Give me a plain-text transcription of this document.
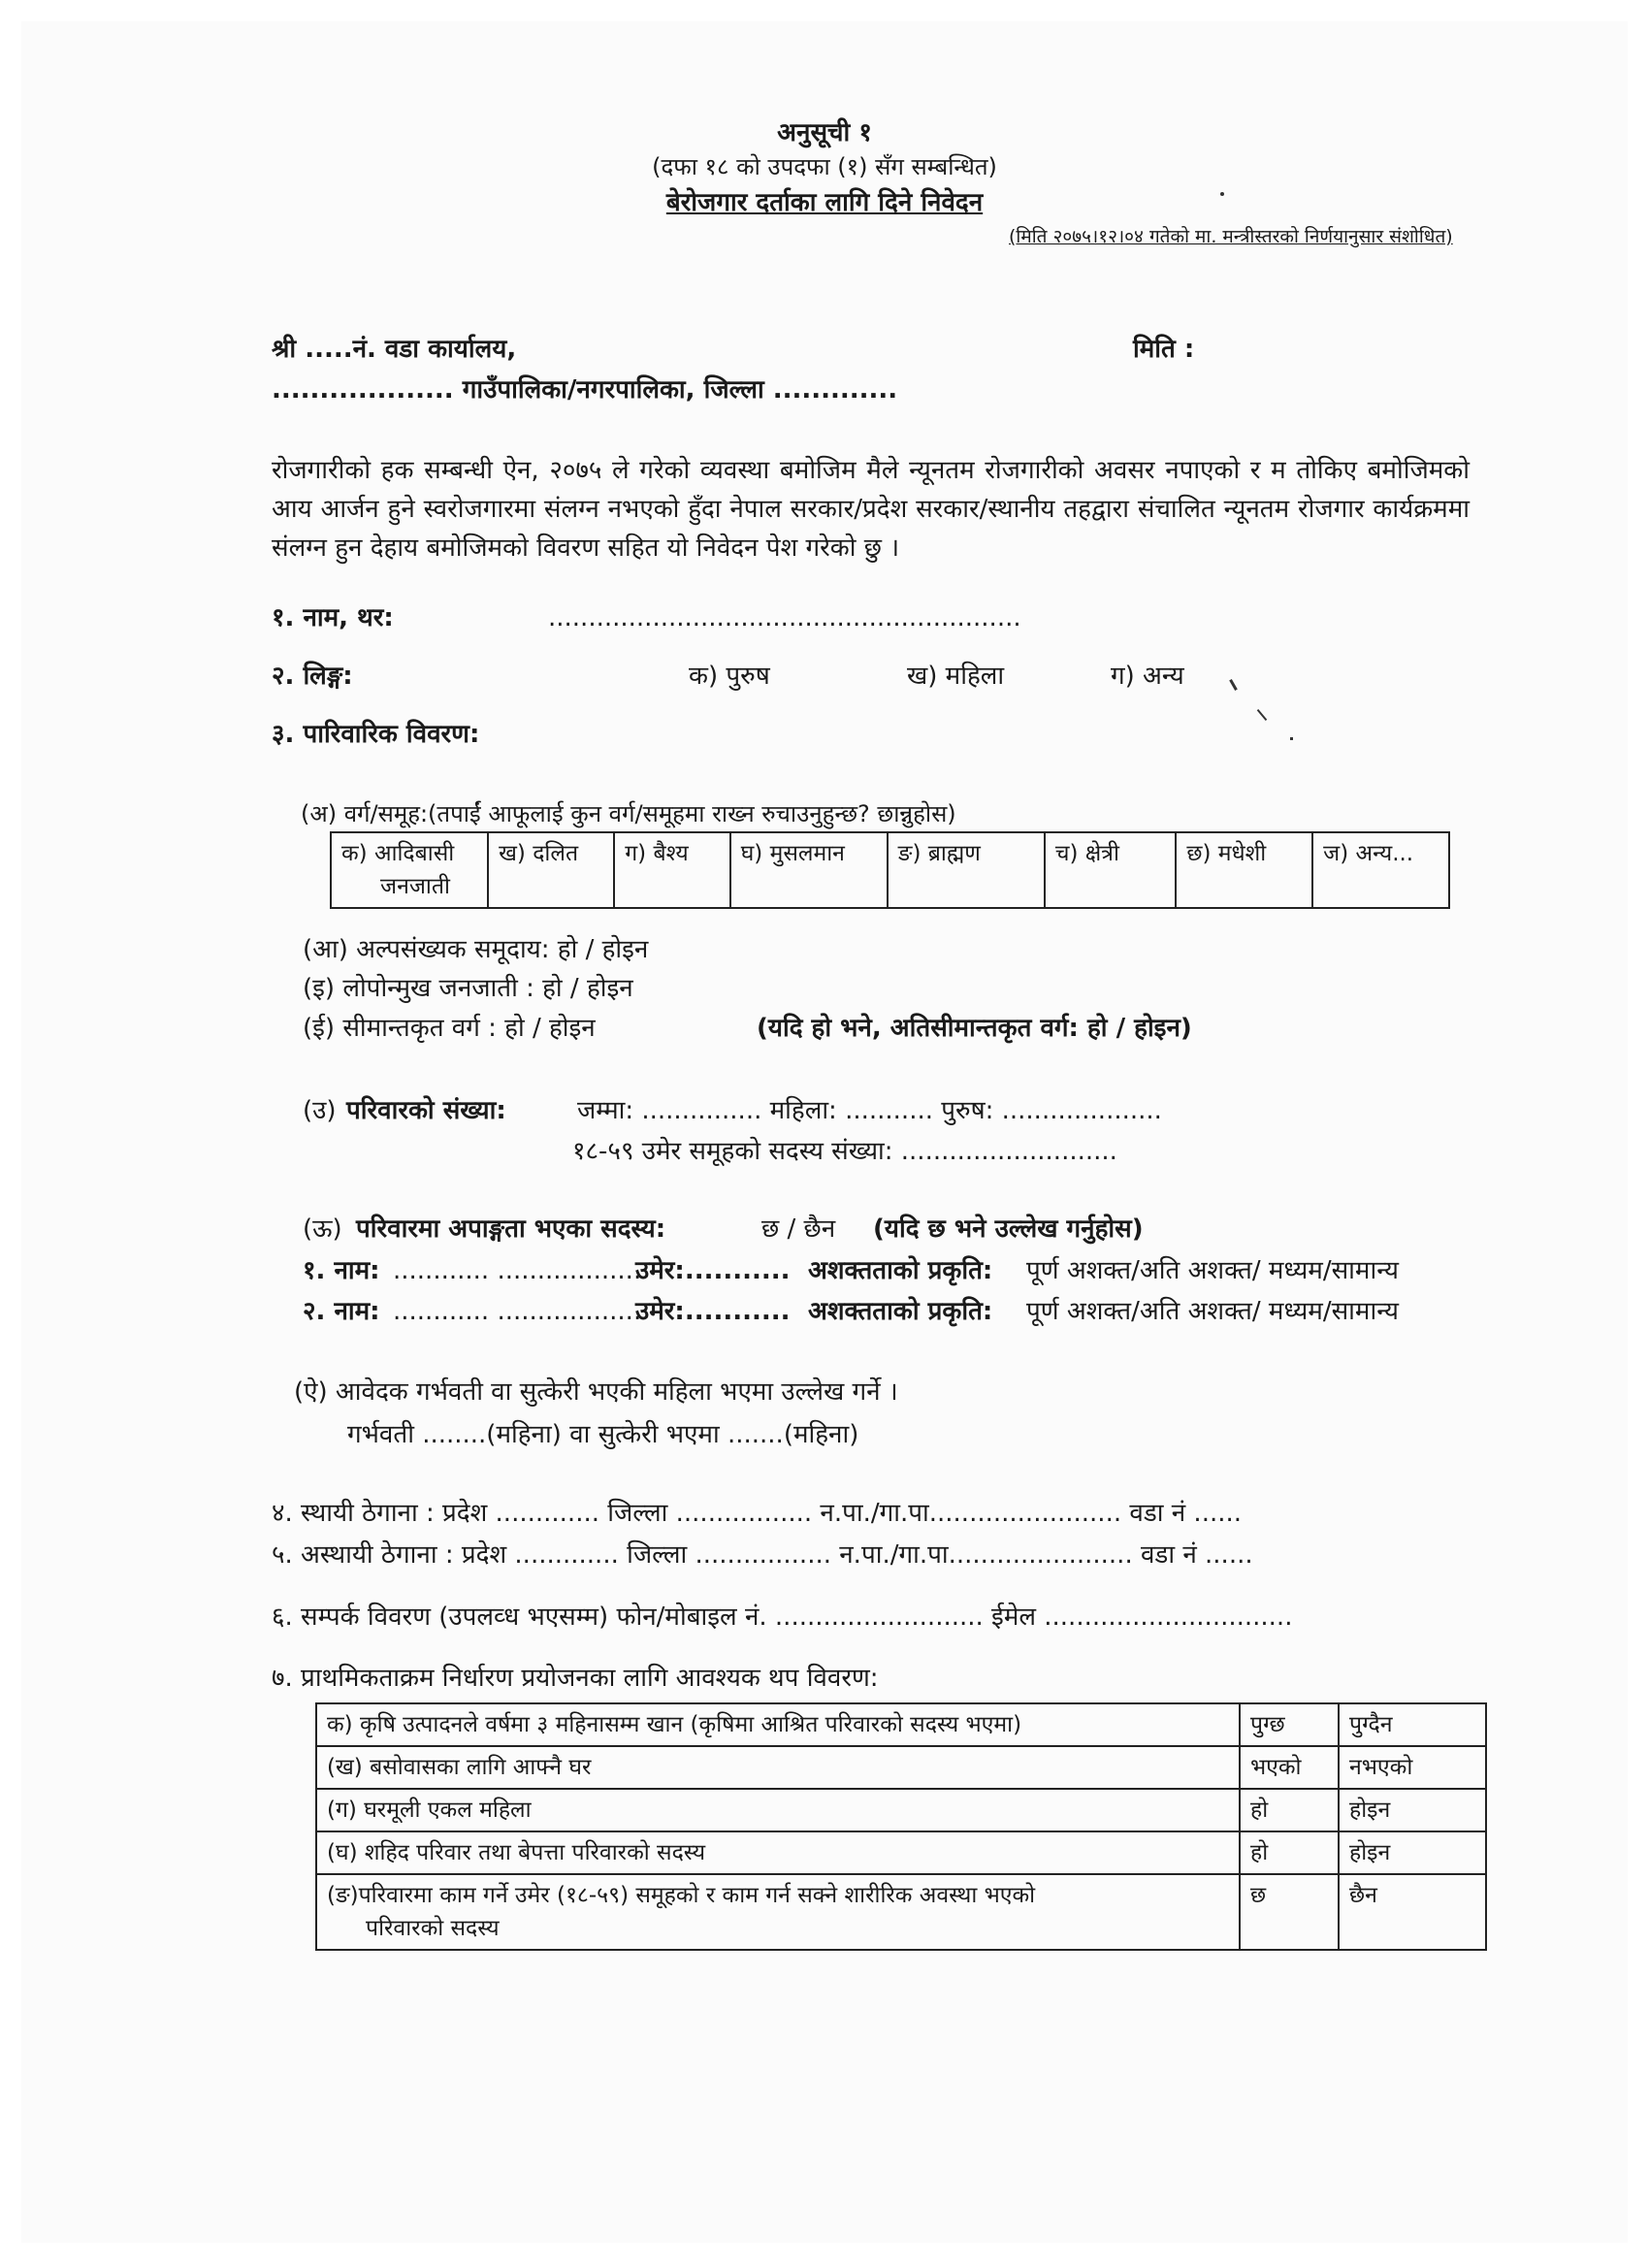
अनुसूची १
(दफा १८ को उपदफा (१) सँग सम्बन्धित)
बेरोजगार दर्ताका लागि दिने निवेदन
(मिति २०७५।१२।०४ गतेको मा. मन्त्रीस्तरको निर्णयानुसार संशोधित)
श्री .....नं. वडा कार्यालय,	मिति :
................... गाउँपालिका/नगरपालिका, जिल्ला .............
रोजगारीको हक सम्बन्धी ऐन, २०७५ ले गरेको व्यवस्था बमोजिम मैले न्यूनतम रोजगारीको अवसर नपाएको र म तोकिए बमोजिमको आय आर्जन हुने स्वरोजगारमा संलग्न नभएको हुँदा नेपाल सरकार/प्रदेश सरकार/स्थानीय तहद्वारा संचालित न्यूनतम रोजगार कार्यक्रममा संलग्न हुन देहाय बमोजिमको विवरण सहित यो निवेदन पेश गरेको छु ।
१. नाम, थर:	...........................................................
२. लिङ्ग:	क) पुरुष	ख) महिला	ग) अन्य
३. पारिवारिक विवरण:
(अ) वर्ग/समूह:(तपाईं आफूलाई कुन वर्ग/समूहमा राख्न रुचाउनुहुन्छ? छान्नुहोस)
क) आदिबासी
जनजाती
	ख) दलित	ग) बैश्य	घ) मुसलमान	ङ) ब्राह्मण	च) क्षेत्री	छ) मधेशी	ज) अन्य...
(आ) अल्पसंख्यक समूदाय: हो / होइन
(इ) लोपोन्मुख जनजाती : हो / होइन
(ई) सीमान्तकृत वर्ग : हो / होइन	(यदि हो भने, अतिसीमान्तकृत वर्ग: हो / होइन)
(उ) परिवारको संख्या:	जम्मा: ............... महिला: ........... पुरुष: ....................
१८-५९ उमेर समूहको सदस्य संख्या: ...........................
(ऊ) परिवारमा अपाङ्गता भएका सदस्य:	छ / छैन (यदि छ भने उल्लेख गर्नुहोस)
१. नाम: ............ ..................
उमेर:........... अशक्तताको प्रकृति: पूर्ण अशक्त/अति अशक्त/ मध्यम/सामान्य
२. नाम: ............ ..................
उमेर:........... अशक्तताको प्रकृति: पूर्ण अशक्त/अति अशक्त/ मध्यम/सामान्य
(ऐ) आवेदक गर्भवती वा सुत्केरी भएकी महिला भएमा उल्लेख गर्ने ।
गर्भवती ........(महिना) वा सुत्केरी भएमा .......(महिना)
४. स्थायी ठेगाना : प्रदेश ............. जिल्ला ................. न.पा./गा.पा........................ वडा नं ......
५. अस्थायी ठेगाना : प्रदेश ............. जिल्ला ................. न.पा./गा.पा....................... वडा नं ......
६. सम्पर्क विवरण (उपलव्ध भएसम्म) फोन/मोबाइल नं. .......................... ईमेल ...............................
७. प्राथमिकताक्रम निर्धारण प्रयोजनका लागि आवश्यक थप विवरण:
क) कृषि उत्पादनले वर्षमा ३ महिनासम्म खान (कृषिमा आश्रित परिवारको सदस्य भएमा)	पुग्छ	पुग्दैन
(ख) बसोवासका लागि आफ्नै घर	भएको	नभएको
(ग) घरमूली एकल महिला	हो	होइन
(घ) शहिद परिवार तथा बेपत्ता परिवारको सदस्य	हो	होइन

(ङ)परिवारमा काम गर्ने उमेर (१८-५९) समूहको र काम गर्न सक्ने शारीरिक अवस्था भएको
परिवारको सदस्य	छ	छैन
